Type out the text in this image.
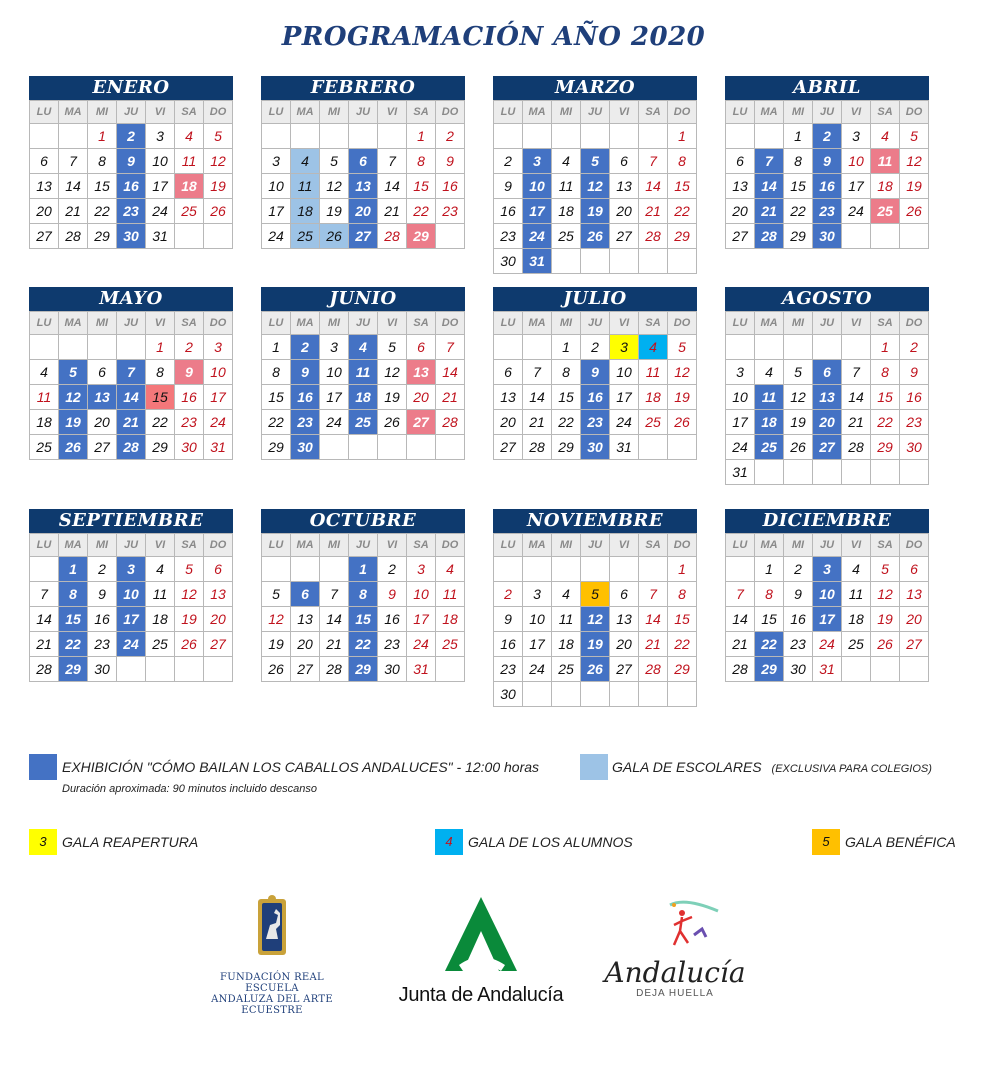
PROGRAMACIÓN AÑO 2020
ENERO
LU	MA	MI	JU	VI	SA	DO
		1	2	3	4	5
6	7	8	9	10	11	12
13	14	15	16	17	18	19
20	21	22	23	24	25	26
27	28	29	30	31		
FEBRERO
LU	MA	MI	JU	VI	SA	DO
					1	2
3	4	5	6	7	8	9
10	11	12	13	14	15	16
17	18	19	20	21	22	23
24	25	26	27	28	29	
MARZO
LU	MA	MI	JU	VI	SA	DO
						1
2	3	4	5	6	7	8
9	10	11	12	13	14	15
16	17	18	19	20	21	22
23	24	25	26	27	28	29
30	31					
ABRIL
LU	MA	MI	JU	VI	SA	DO
		1	2	3	4	5
6	7	8	9	10	11	12
13	14	15	16	17	18	19
20	21	22	23	24	25	26
27	28	29	30			
MAYO
LU	MA	MI	JU	VI	SA	DO
				1	2	3
4	5	6	7	8	9	10
11	12	13	14	15	16	17
18	19	20	21	22	23	24
25	26	27	28	29	30	31
JUNIO
LU	MA	MI	JU	VI	SA	DO
1	2	3	4	5	6	7
8	9	10	11	12	13	14
15	16	17	18	19	20	21
22	23	24	25	26	27	28
29	30					
JULIO
LU	MA	MI	JU	VI	SA	DO
		1	2	3	4	5
6	7	8	9	10	11	12
13	14	15	16	17	18	19
20	21	22	23	24	25	26
27	28	29	30	31		
AGOSTO
LU	MA	MI	JU	VI	SA	DO
					1	2
3	4	5	6	7	8	9
10	11	12	13	14	15	16
17	18	19	20	21	22	23
24	25	26	27	28	29	30
31						
SEPTIEMBRE
LU	MA	MI	JU	VI	SA	DO
	1	2	3	4	5	6
7	8	9	10	11	12	13
14	15	16	17	18	19	20
21	22	23	24	25	26	27
28	29	30				
OCTUBRE
LU	MA	MI	JU	VI	SA	DO
			1	2	3	4
5	6	7	8	9	10	11
12	13	14	15	16	17	18
19	20	21	22	23	24	25
26	27	28	29	30	31	
NOVIEMBRE
LU	MA	MI	JU	VI	SA	DO
						1
2	3	4	5	6	7	8
9	10	11	12	13	14	15
16	17	18	19	20	21	22
23	24	25	26	27	28	29
30						
DICIEMBRE
LU	MA	MI	JU	VI	SA	DO
	1	2	3	4	5	6
7	8	9	10	11	12	13
14	15	16	17	18	19	20
21	22	23	24	25	26	27
28	29	30	31			
EXHIBICIÓN "CÓMO BAILAN LOS CABALLOS ANDALUCES" - 12:00 horas
Duración aproximada: 90 minutos incluido descanso
GALA DE ESCOLARES (EXCLUSIVA PARA COLEGIOS)
3	GALA REAPERTURA	4	GALA DE LOS ALUMNOS	5	GALA BENÉFICA
FUNDACIÓN REAL ESCUELA
ANDALUZA DEL ARTE ECUESTRE
Junta de Andalucía
Andalucía
DEJA HUELLA
